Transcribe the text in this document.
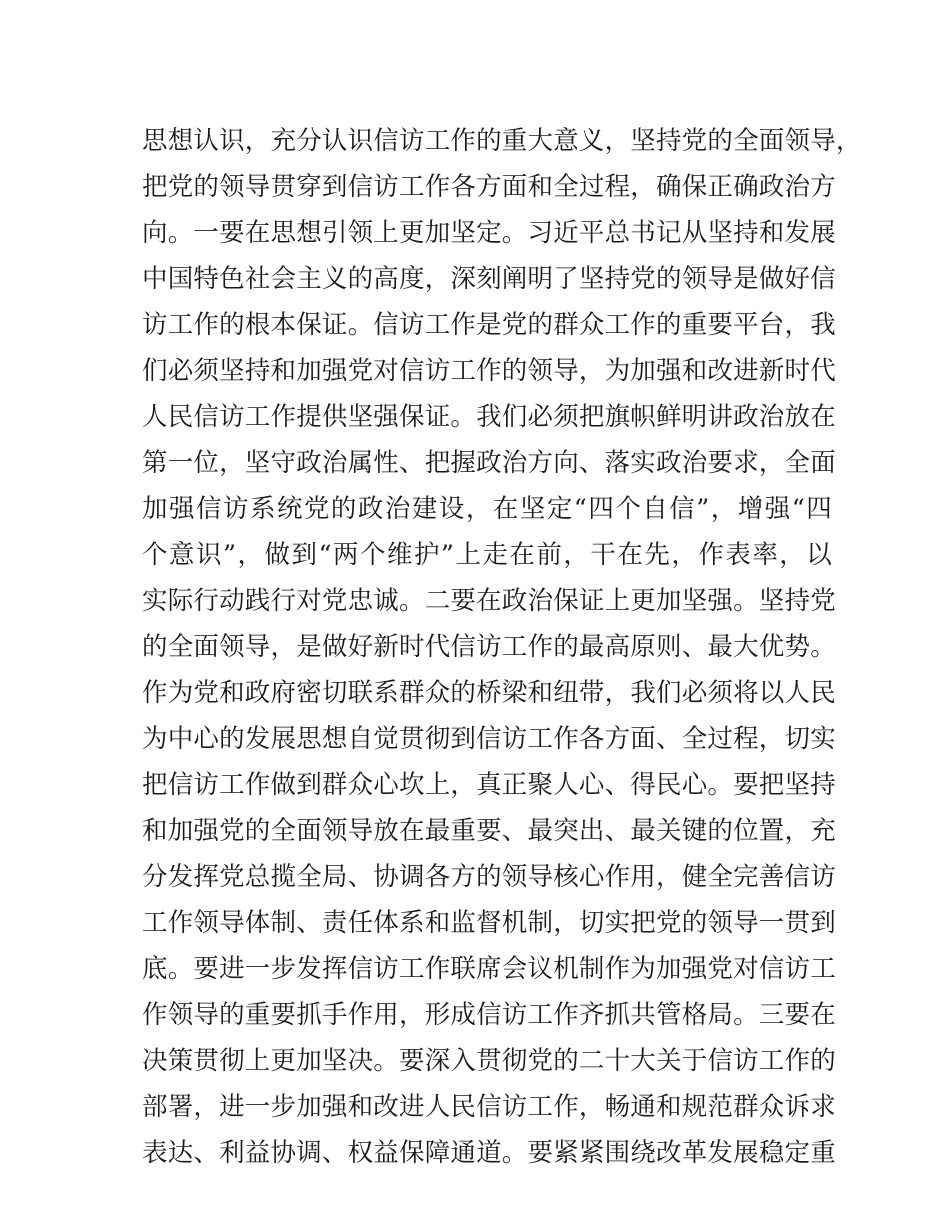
思想认识，充分认识信访工作的重大意义，坚持党的全面领导，
把党的领导贯穿到信访工作各方面和全过程，确保正确政治方
向。一要在思想引领上更加坚定。习近平总书记从坚持和发展
中国特色社会主义的高度，深刻阐明了坚持党的领导是做好信
访工作的根本保证。信访工作是党的群众工作的重要平台，我
们必须坚持和加强党对信访工作的领导，为加强和改进新时代
人民信访工作提供坚强保证。我们必须把旗帜鲜明讲政治放在
第一位，坚守政治属性、把握政治方向、落实政治要求，全面
加强信访系统党的政治建设，在坚定“四个自信”，增强“四
个意识”，做到“两个维护”上走在前，干在先，作表率，以
实际行动践行对党忠诚。二要在政治保证上更加坚强。坚持党
的全面领导，是做好新时代信访工作的最高原则、最大优势。
作为党和政府密切联系群众的桥梁和纽带，我们必须将以人民
为中心的发展思想自觉贯彻到信访工作各方面、全过程，切实
把信访工作做到群众心坎上，真正聚人心、得民心。要把坚持
和加强党的全面领导放在最重要、最突出、最关键的位置，充
分发挥党总揽全局、协调各方的领导核心作用，健全完善信访
工作领导体制、责任体系和监督机制，切实把党的领导一贯到
底。要进一步发挥信访工作联席会议机制作为加强党对信访工
作领导的重要抓手作用，形成信访工作齐抓共管格局。三要在
决策贯彻上更加坚决。要深入贯彻党的二十大关于信访工作的
部署，进一步加强和改进人民信访工作，畅通和规范群众诉求
表达、利益协调、权益保障通道。要紧紧围绕改革发展稳定重
